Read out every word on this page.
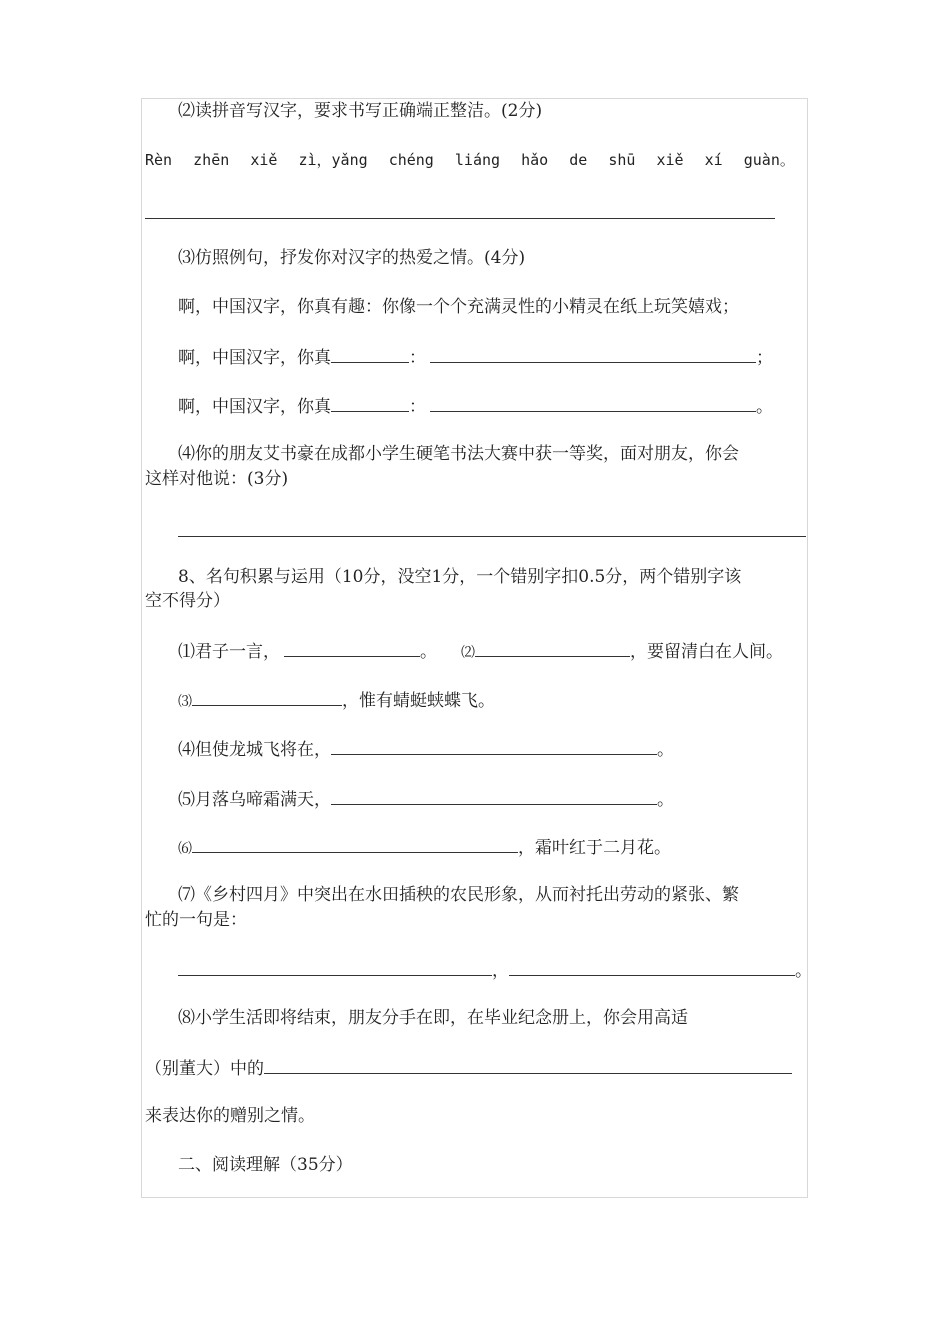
⑵读拼音写汉字，要求书写正确端正整洁。(2分)
Rèn zhēn xiě zì，yǎng chéng liáng hǎo de shū xiě xí guàn。
⑶仿照例句，抒发你对汉字的热爱之情。(4分)
啊，中国汉字，你真有趣：你像一个个充满灵性的小精灵在纸上玩笑嬉戏；
啊，中国汉字，你真	：	；
啊，中国汉字，你真	：	。
⑷你的朋友艾书豪在成都小学生硬笔书法大赛中获一等奖，面对朋友，你会
这样对他说：(3分)
8、名句积累与运用（10分，没空1分，一个错别字扣0.5分，两个错别字该
空不得分）
⑴君子一言，	。 ⑵	，要留清白在人间。
⑶	，惟有蜻蜓蛱蝶飞。
⑷但使龙城飞将在，	。
⑸月落乌啼霜满天，	。
⑹	，霜叶红于二月花。
⑺《乡村四月》中突出在水田插秧的农民形象，从而衬托出劳动的紧张、繁
忙的一句是：
，	。
⑻小学生活即将结束，朋友分手在即，在毕业纪念册上，你会用高适
（别董大）中的
来表达你的赠别之情。
二、阅读理解（35分）
